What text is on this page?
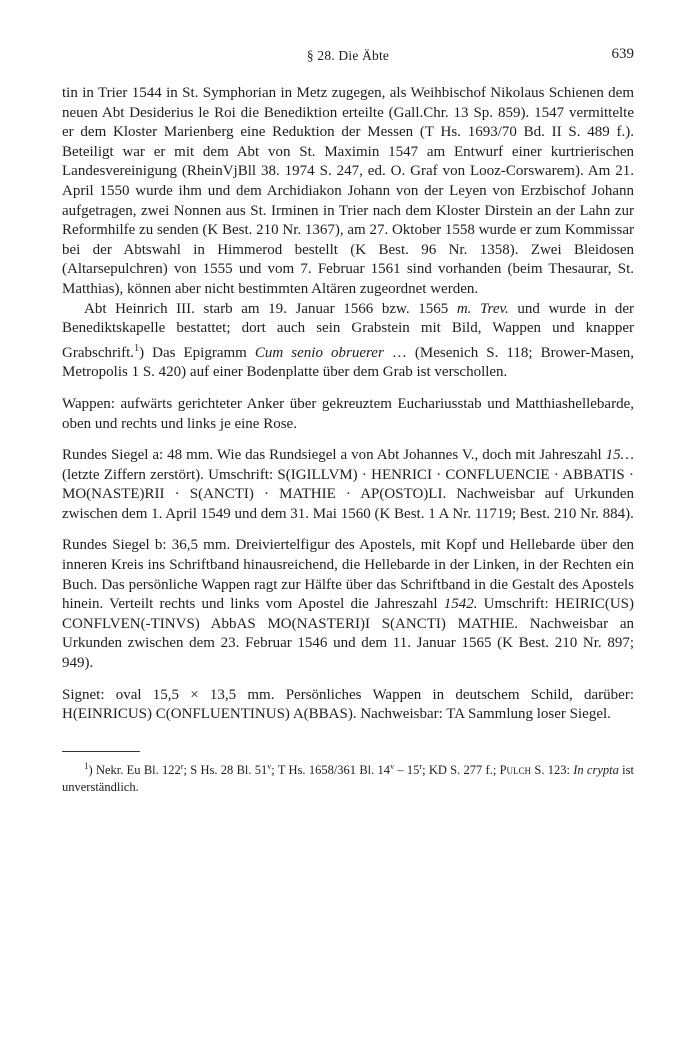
§ 28. Die Äbte	639

tin in Trier 1544 in St. Symphorian in Metz zugegen, als Weihbischof Nikolaus Schienen dem neuen Abt Desiderius le Roi die Benediktion erteilte (Gall.Chr. 13 Sp. 859). 1547 vermittelte er dem Kloster Marienberg eine Reduktion der Messen (T Hs. 1693/70 Bd. II S. 489 f.). Beteiligt war er mit dem Abt von St. Maximin 1547 am Entwurf einer kurtrierischen Landesvereinigung (RheinVjBll 38. 1974 S. 247, ed. O. Graf von Looz-Corswarem). Am 21. April 1550 wurde ihm und dem Archidiakon Johann von der Leyen von Erzbischof Johann aufgetragen, zwei Nonnen aus St. Irminen in Trier nach dem Kloster Dirstein an der Lahn zur Reformhilfe zu senden (K Best. 210 Nr. 1367), am 27. Oktober 1558 wurde er zum Kommissar bei der Abtswahl in Himmerod bestellt (K Best. 96 Nr. 1358). Zwei Bleidosen (Altarsepulchren) von 1555 und vom 7. Februar 1561 sind vorhanden (beim Thesaurar, St. Matthias), können aber nicht bestimmten Altären zugeordnet werden.

Abt Heinrich III. starb am 19. Januar 1566 bzw. 1565 m. Trev. und wurde in der Benediktskapelle bestattet; dort auch sein Grabstein mit Bild, Wappen und knapper Grabschrift.$^1$) Das Epigramm Cum senio obruerer … (Mesenich S. 118; Brower-Masen, Metropolis 1 S. 420) auf einer Bodenplatte über dem Grab ist verschollen.

Wappen: aufwärts gerichteter Anker über gekreuztem Euchariusstab und Matthiashellebarde, oben und rechts und links je eine Rose.

Rundes Siegel a: 48 mm. Wie das Rundsiegel a von Abt Johannes V., doch mit Jahreszahl 15… (letzte Ziffern zerstört). Umschrift: S(IGILLVM) · HENRICI · CONFLUENCIE · ABBATIS · MO(NASTE)RII · S(ANCTI) · MATHIE · AP(OSTO)LI. Nachweisbar auf Urkunden zwischen dem 1. April 1549 und dem 31. Mai 1560 (K Best. 1 A Nr. 11719; Best. 210 Nr. 884).

Rundes Siegel b: 36,5 mm. Dreiviertelfigur des Apostels, mit Kopf und Hellebarde über den inneren Kreis ins Schriftband hinausreichend, die Hellebarde in der Linken, in der Rechten ein Buch. Das persönliche Wappen ragt zur Hälfte über das Schriftband in die Gestalt des Apostels hinein. Verteilt rechts und links vom Apostel die Jahreszahl 1542. Umschrift: HEIRIC(US) CONFLVEN(-TINVS) AbbAS MO(NASTERI)I S(ANCTI) MATHIE. Nachweisbar an Urkunden zwischen dem 23. Februar 1546 und dem 11. Januar 1565 (K Best. 210 Nr. 897; 949).

Signet: oval 15,5 × 13,5 mm. Persönliches Wappen in deutschem Schild, darüber: H(EINRICUS) C(ONFLUENTINUS) A(BBAS). Nachweisbar: TA Sammlung loser Siegel.

$^1$) Nekr. Eu Bl. 122$^r$; S Hs. 28 Bl. 51$^v$; T Hs. 1658/361 Bl. 14$^v$ – 15$^r$; KD S. 277 f.; Pulch S. 123: In crypta ist unverständlich.
